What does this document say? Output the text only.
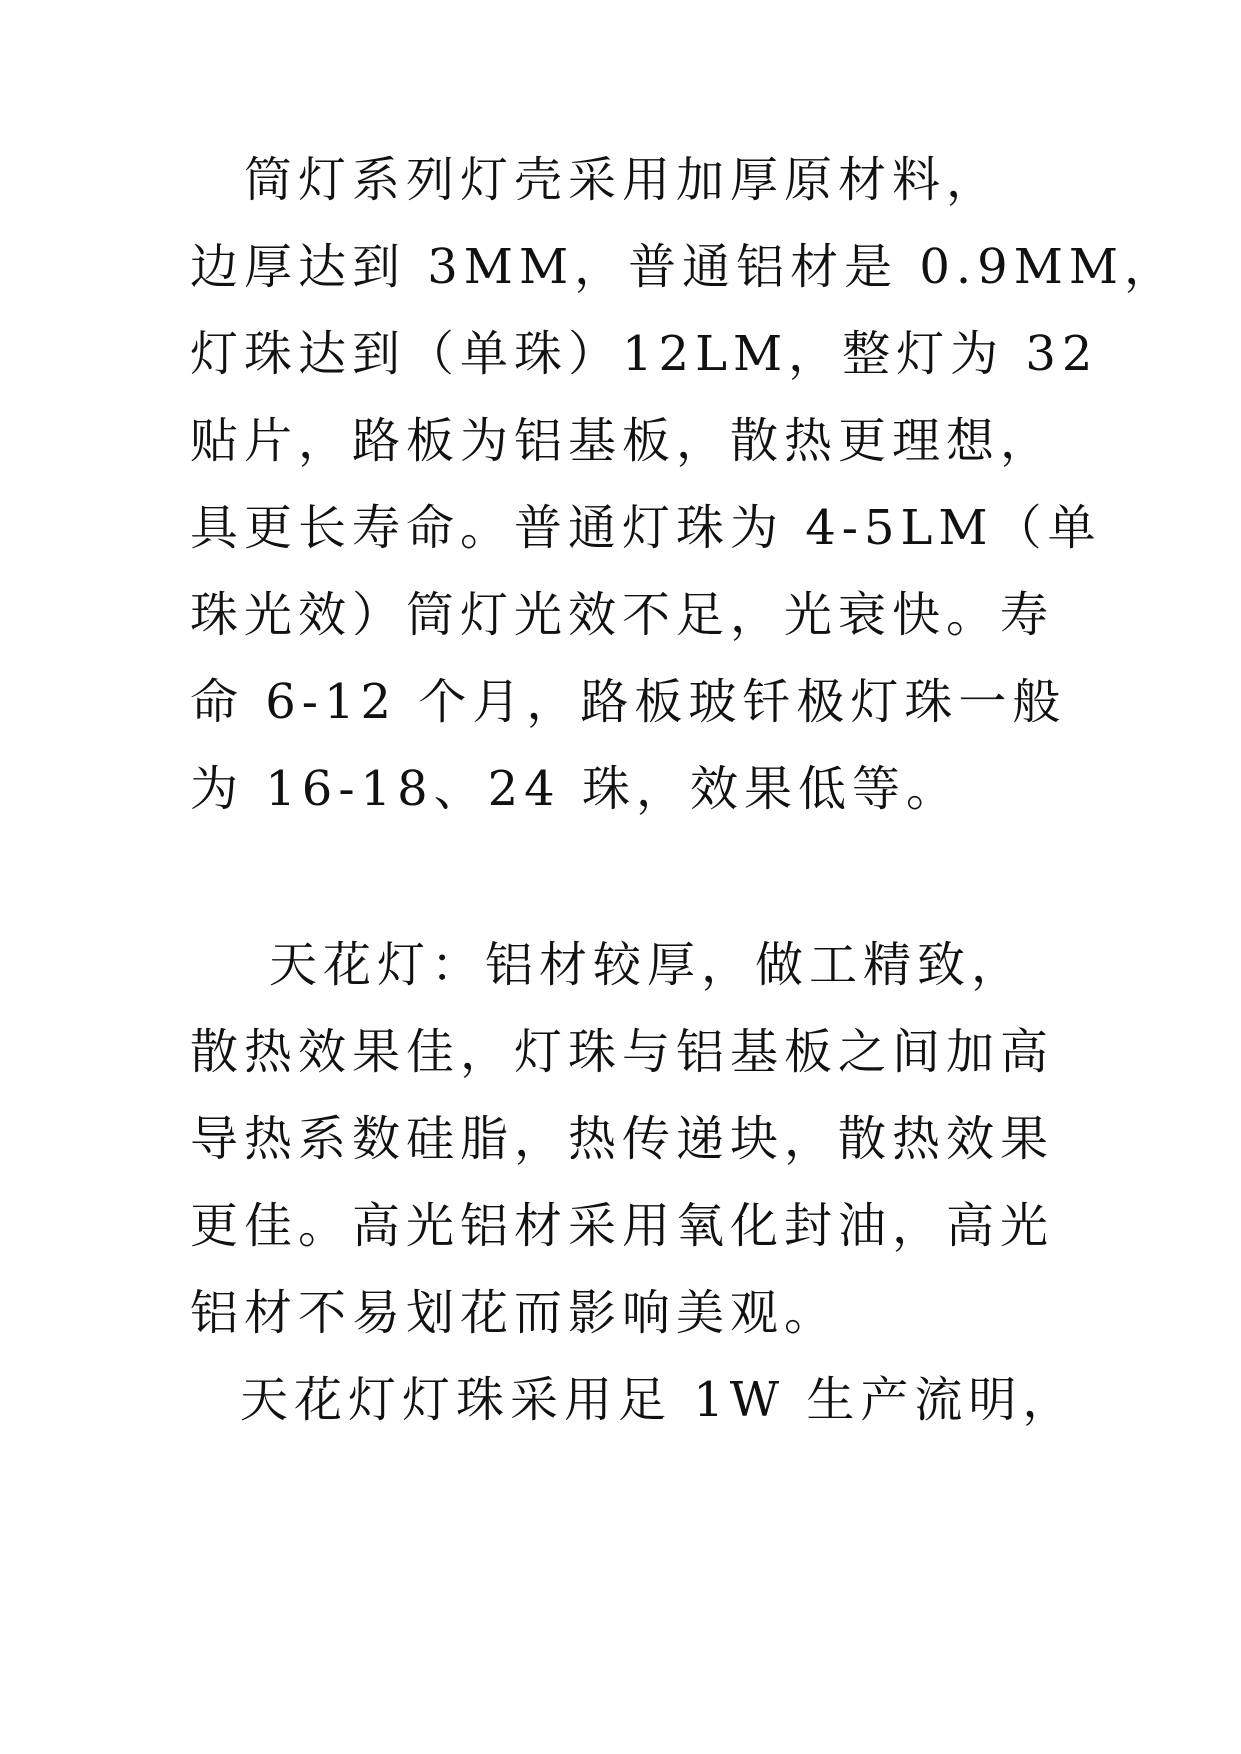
　筒灯系列灯壳采用加厚原材料，
边厚达到 3MM，普通铝材是 0.9MM，
灯珠达到（单珠）12LM，整灯为 32
贴片，路板为铝基板，散热更理想，
具更长寿命。普通灯珠为 4-5LM（单
珠光效）筒灯光效不足，光衰快。寿
命 6-12 个月，路板玻钎极灯珠一般
为 16-18、24 珠，效果低等。
　天花灯：铝材较厚，做工精致，
散热效果佳，灯珠与铝基板之间加高
导热系数硅脂，热传递块，散热效果
更佳。高光铝材采用氧化封油，高光
铝材不易划花而影响美观。
天花灯灯珠采用足 1W 生产流明，
